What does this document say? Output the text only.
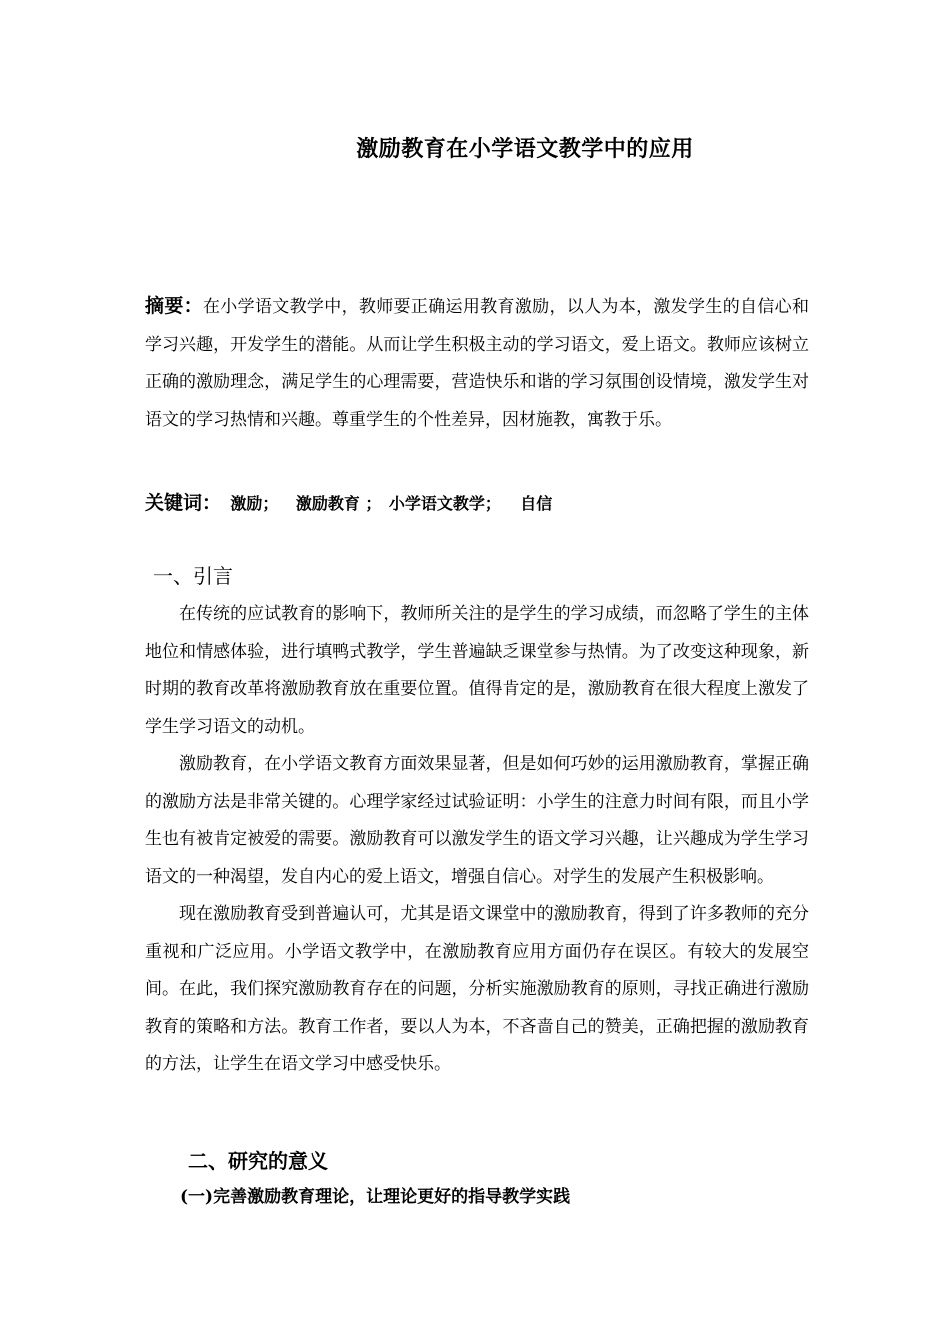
激励教育在小学语文教学中的应用
摘要：在小学语文教学中，教师要正确运用教育激励，以人为本，激发学生的自信心和学习兴趣，开发学生的潜能。从而让学生积极主动的学习语文，爱上语文。教师应该树立正确的激励理念，满足学生的心理需要，营造快乐和谐的学习氛围创设情境，激发学生对语文的学习热情和兴趣。尊重学生的个性差异，因材施教，寓教于乐。
关键词： 激励； 激励教育 ； 小学语文教学； 自信
一、引言

在传统的应试教育的影响下，教师所关注的是学生的学习成绩，而忽略了学生的主体地位和情感体验，进行填鸭式教学，学生普遍缺乏课堂参与热情。为了改变这种现象，新时期的教育改革将激励教育放在重要位置。值得肯定的是，激励教育在很大程度上激发了学生学习语文的动机。

激励教育，在小学语文教育方面效果显著，但是如何巧妙的运用激励教育，掌握正确的激励方法是非常关键的。心理学家经过试验证明：小学生的注意力时间有限，而且小学生也有被肯定被爱的需要。激励教育可以激发学生的语文学习兴趣，让兴趣成为学生学习语文的一种渴望，发自内心的爱上语文，增强自信心。对学生的发展产生积极影响。

现在激励教育受到普遍认可，尤其是语文课堂中的激励教育，得到了许多教师的充分重视和广泛应用。小学语文教学中，在激励教育应用方面仍存在误区。有较大的发展空间。在此，我们探究激励教育存在的问题，分析实施激励教育的原则，寻找正确进行激励教育的策略和方法。教育工作者，要以人为本，不吝啬自己的赞美，正确把握的激励教育的方法，让学生在语文学习中感受快乐。

二、研究的意义
(一)完善激励教育理论，让理论更好的指导教学实践
